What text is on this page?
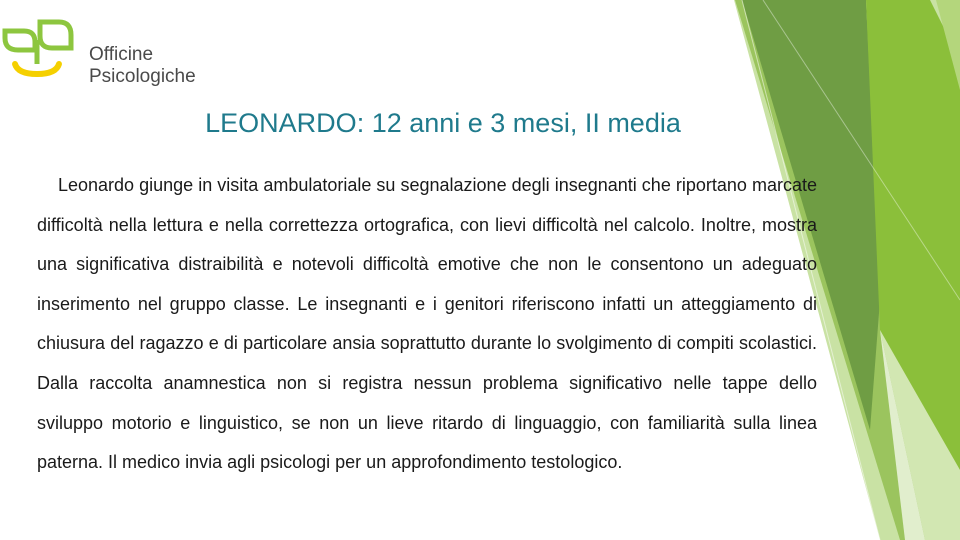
Officine
Psicologiche
LEONARDO: 12 anni e 3 mesi, II media
Leonardo giunge in visita ambulatoriale su segnalazione degli insegnanti che riportano marcate difficoltà nella lettura e nella correttezza ortografica, con lievi difficoltà nel calcolo. Inoltre, mostra una significativa distraibilità e notevoli difficoltà emotive che non le consentono un adeguato inserimento nel gruppo classe. Le insegnanti e i genitori riferiscono infatti un atteggiamento di chiusura del ragazzo e di particolare ansia soprattutto durante lo svolgimento di compiti scolastici. Dalla raccolta anamnestica non si registra nessun problema significativo nelle tappe dello sviluppo motorio e linguistico, se non un lieve ritardo di linguaggio, con familiarità sulla linea paterna. Il medico invia agli psicologi per un approfondimento testologico.
